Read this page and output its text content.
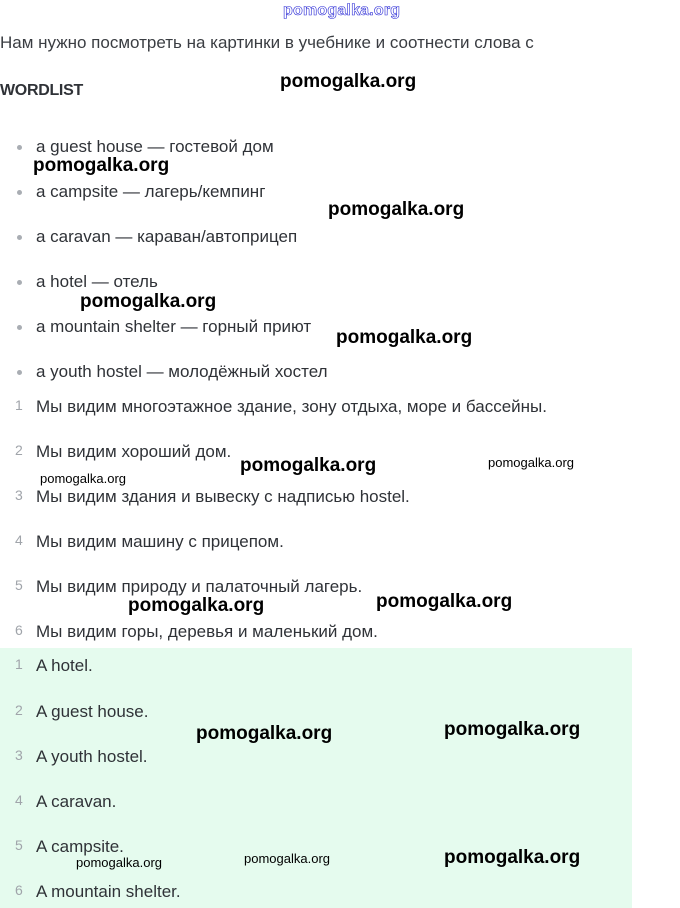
pomogalka.org
Нам нужно посмотреть на картинки в учебнике и соотнести слова с
WORDLIST
a guest house — гостевой дом
a campsite — лагерь/кемпинг
a caravan — караван/автоприцеп
a hotel — отель
a mountain shelter — горный приют
a youth hostel — молодёжный хостел
1 Мы видим многоэтажное здание, зону отдыха, море и бассейны.
2 Мы видим хороший дом.
3 Мы видим здания и вывеску с надписью hostel.
4 Мы видим машину с прицепом.
5 Мы видим природу и палаточный лагерь.
6 Мы видим горы, деревья и маленький дом.
1 A hotel.
2 A guest house.
3 A youth hostel.
4 A caravan.
5 A campsite.
6 A mountain shelter.
pomogalka.org
pomogalka.org
pomogalka.org
pomogalka.org
pomogalka.org
pomogalka.org
pomogalka.org
pomogalka.org
pomogalka.org	pomogalka.org
pomogalka.org	pomogalka.org
pomogalka.org	pomogalka.org	pomogalka.org
